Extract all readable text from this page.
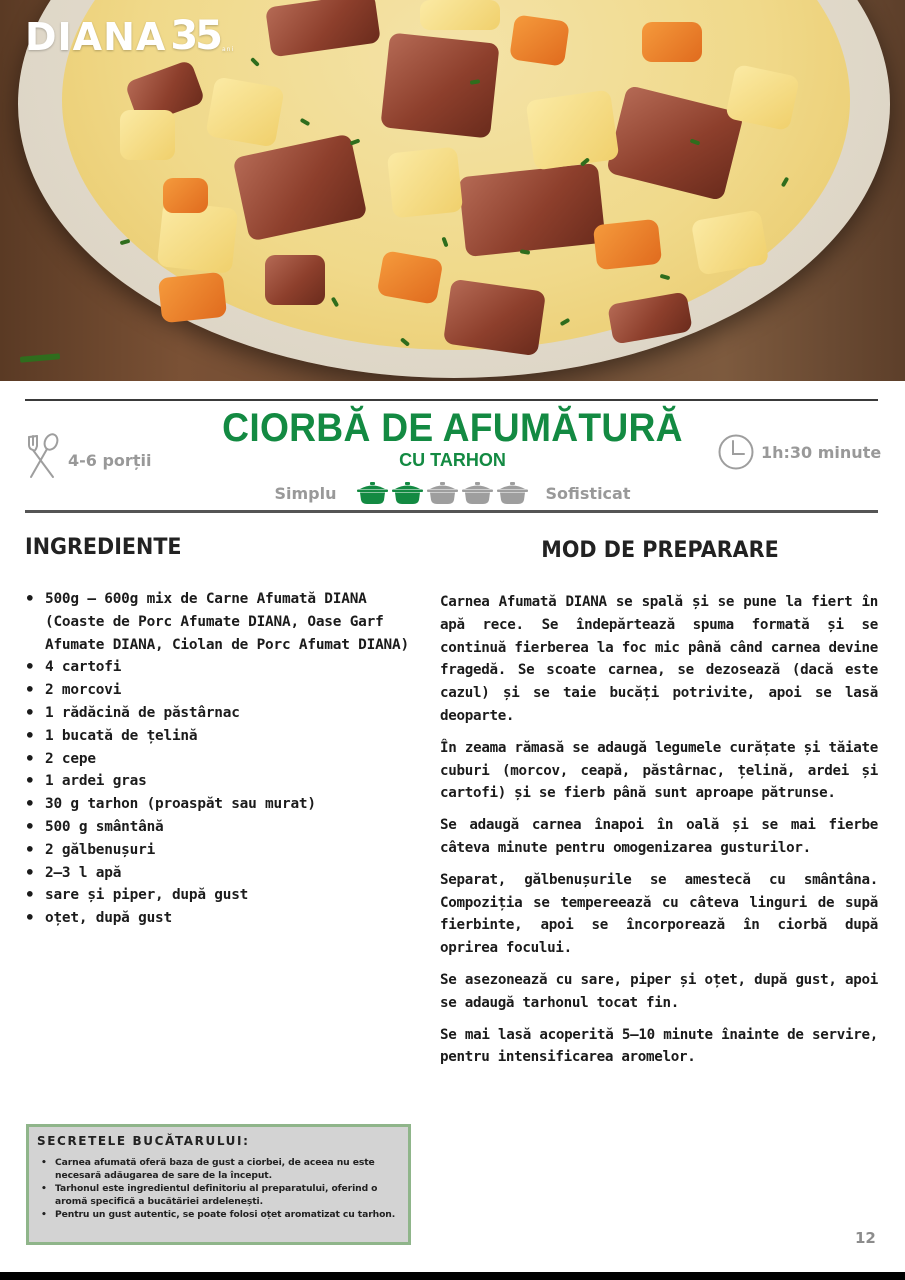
DIANA 35 ani
4-6 porții
CIORBĂ DE AFUMĂTURĂ
CU TARHON	1h:30 minute
Simplu	Sofisticat
INGREDIENTE
• 500g – 600g mix de Carne Afumată DIANA (Coaste de Porc Afumate DIANA, Oase Garf Afumate DIANA, Ciolan de Porc Afumat DIANA)
• 4 cartofi
• 2 morcovi
• 1 rădăcină de păstârnac
• 1 bucată de țelină
• 2 cepe
• 1 ardei gras
• 30 g tarhon (proaspăt sau murat)
• 500 g smântână
• 2 gălbenușuri
• 2–3 l apă
• sare și piper, după gust
• oțet, după gust
MOD DE PREPARARE

Carnea Afumată DIANA se spală și se pune la fiert în apă rece. Se îndepărtează spuma formată și se continuă fierberea la foc mic până când carnea devine fragedă. Se scoate carnea, se dezosează (dacă este cazul) și se taie bucăți potrivite, apoi se lasă deoparte.

În zeama rămasă se adaugă legumele curățate și tăiate cuburi (morcov, ceapă, păstârnac, țelină, ardei și cartofi) și se fierb până sunt aproape pătrunse.

Se adaugă carnea înapoi în oală și se mai fierbe câteva minute pentru omogenizarea gusturilor.

Separat, gălbenușurile se amestecă cu smântâna. Compoziția se tempereează cu câteva linguri de supă fierbinte, apoi se încorporează în ciorbă după oprirea focului.

Se asezonează cu sare, piper și oțet, după gust, apoi se adaugă tarhonul tocat fin.

Se mai lasă acoperită 5–10 minute înainte de servire, pentru intensificarea aromelor.

SECRETELE BUCĂTARULUI:
• Carnea afumată oferă baza de gust a ciorbei, de aceea nu este necesară adăugarea de sare de la început.
• Tarhonul este ingredientul definitoriu al preparatului, oferind o aromă specifică a bucătăriei ardelenești.
• Pentru un gust autentic, se poate folosi oțet aromatizat cu tarhon.
12
